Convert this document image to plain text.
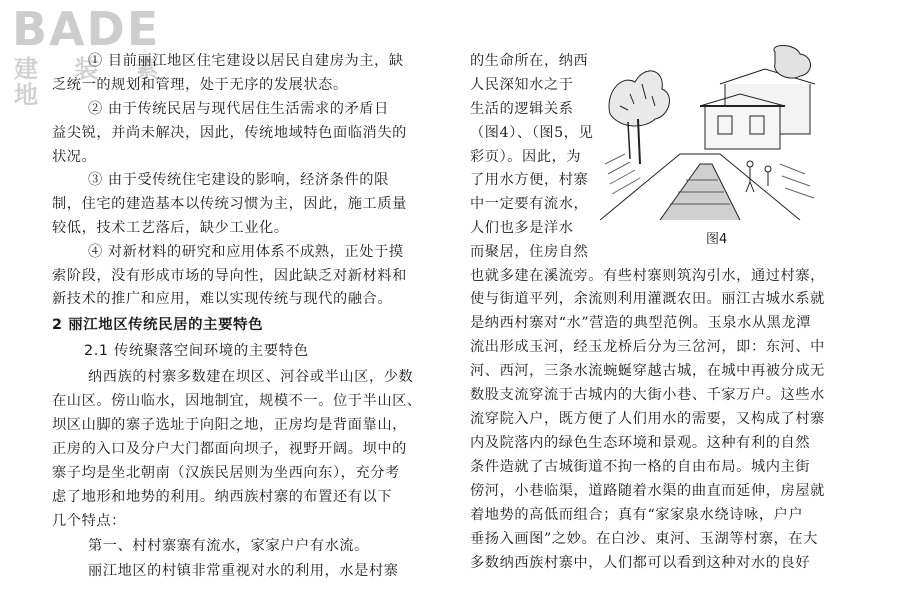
BADE
建 装 素 地
① 目前丽江地区住宅建设以居民自建房为主，缺
乏统一的规划和管理，处于无序的发展状态。
② 由于传统民居与现代居住生活需求的矛盾日
益尖锐，并尚未解决，因此，传统地域特色面临消失的
状况。
③ 由于受传统住宅建设的影响，经济条件的限
制，住宅的建造基本以传统习惯为主，因此，施工质量
较低，技术工艺落后，缺少工业化。
④ 对新材料的研究和应用体系不成熟，正处于摸
索阶段，没有形成市场的导向性，因此缺乏对新材料和
新技术的推广和应用，难以实现传统与现代的融合。
2 丽江地区传统民居的主要特色
2.1 传统聚落空间环境的主要特色
纳西族的村寨多数建在坝区、河谷或半山区，少数
在山区。傍山临水，因地制宜，规模不一。位于半山区、
坝区山脚的寨子选址于向阳之地，正房均是背面靠山，
正房的入口及分户大门都面向坝子，视野开阔。坝中的
寨子均是坐北朝南（汉族民居则为坐西向东），充分考
虑了地形和地势的利用。纳西族村寨的布置还有以下
几个特点：
第一、村村寨寨有流水，家家户户有水流。
丽江地区的村镇非常重视对水的利用，水是村寨
的生命所在，纳西
人民深知水之于
生活的逻辑关系
（图4）、（图5，见
彩页）。因此，为
了用水方便，村寨
中一定要有流水，
人们也多是洋水
而聚居，住房自然
图4
也就多建在溪流旁。有些村寨则筑沟引水，通过村寨，
使与街道平列，余流则利用灌溉农田。丽江古城水系就
是纳西村寨对“水”营造的典型范例。玉泉水从黑龙潭
流出形成玉河，经玉龙桥后分为三岔河，即：东河、中
河、西河，三条水流蜿蜒穿越古城，在城中再被分成无
数股支流穿流于古城内的大街小巷、千家万户。这些水
流穿院入户，既方便了人们用水的需要，又构成了村寨
内及院落内的绿色生态环境和景观。这种有利的自然
条件造就了古城街道不拘一格的自由布局。城内主街
傍河，小巷临渠，道路随着水渠的曲直而延伸，房屋就
着地势的高低而组合；真有“家家泉水绕诗咏，户户
垂扬入画图”之妙。在白沙、東河、玉湖等村寨，在大
多数纳西族村寨中，人们都可以看到这种对水的良好
